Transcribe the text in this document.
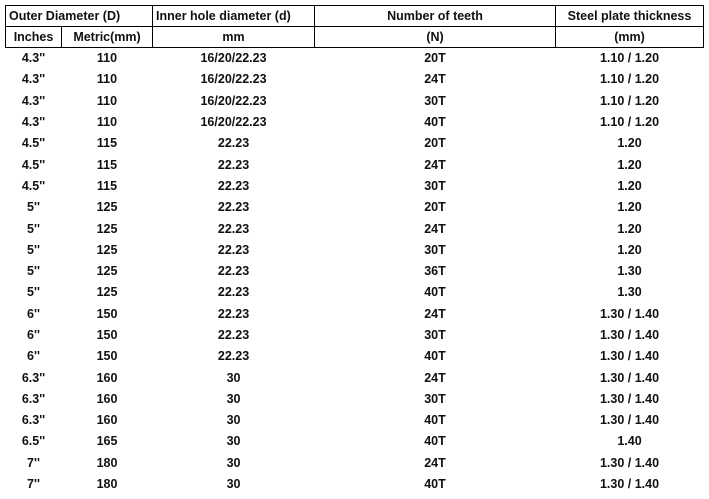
Outer Diameter (D)		Inner hole diameter (d)	Number of teeth	Steel plate thickness
Inches	Metric(mm)	mm	(N)	(mm)
4.3''	110	16/20/22.23	20T	1.10 / 1.20
4.3''	110	16/20/22.23	24T	1.10 / 1.20
4.3''	110	16/20/22.23	30T	1.10 / 1.20
4.3''	110	16/20/22.23	40T	1.10 / 1.20
4.5''	115	22.23	20T	1.20
4.5''	115	22.23	24T	1.20
4.5''	115	22.23	30T	1.20
5''	125	22.23	20T	1.20
5''	125	22.23	24T	1.20
5''	125	22.23	30T	1.20
5''	125	22.23	36T	1.30
5''	125	22.23	40T	1.30
6''	150	22.23	24T	1.30 / 1.40
6''	150	22.23	30T	1.30 / 1.40
6''	150	22.23	40T	1.30 / 1.40
6.3''	160	30	24T	1.30 / 1.40
6.3''	160	30	30T	1.30 / 1.40
6.3''	160	30	40T	1.30 / 1.40
6.5''	165	30	40T	1.40
7''	180	30	24T	1.30 / 1.40
7''	180	30	40T	1.30 / 1.40
